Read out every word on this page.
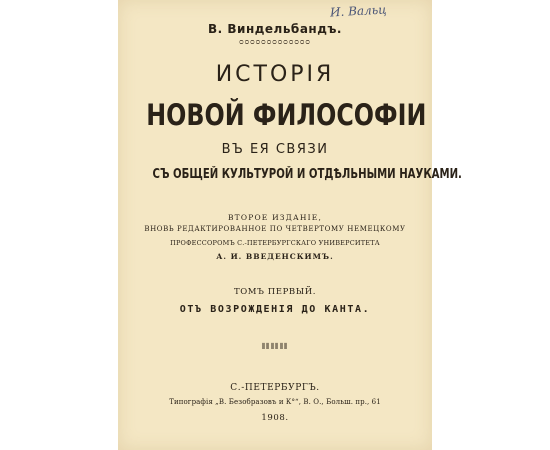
В. Виндельбандъ.
ᴑᴑᴑᴑᴑᴑᴑᴑᴑᴑᴑᴑᴑ
ИСТОРІЯ
НОВОЙ ФИЛОСОФІИ
ВЪ ЕЯ СВЯЗИ
СЪ ОБЩЕЙ КУЛЬТУРОЙ И ОТДѢЛЬНЫМИ НАУКАМИ.
ВТОРОЕ ИЗДАНІЕ,
ВНОВЬ РЕДАКТИРОВАННОЕ ПО ЧЕТВЕРТОМУ НЕМЕЦКОМУ
ПРОФЕССОРОМЪ С.-ПЕТЕРБУРГСКАГО УНИВЕРСИТЕТА
А. И. ВВЕДЕНСКИМЪ.
ТОМЪ ПЕРВЫЙ.
ОТЪ ВОЗРОЖДЕНІЯ ДО КАНТА.
⦀⦀⦀⦀⦀⦀
С.-ПЕТЕРБУРГЪ.
Типографія „В. Безобразовъ и К°“, В. О., Больш. пр., 61
1908.
И. Вальц
